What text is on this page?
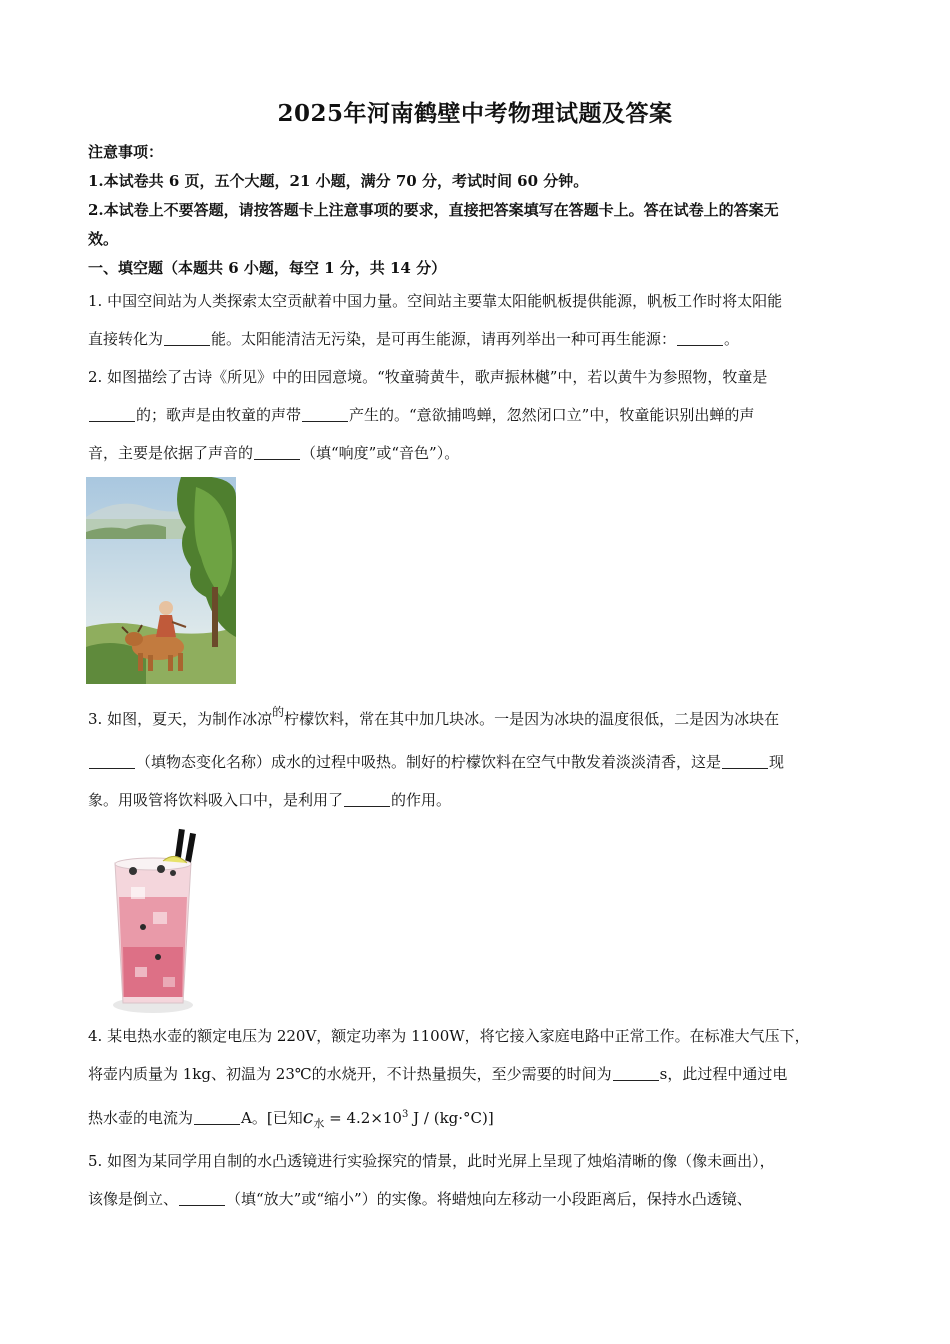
2025年河南鹤壁中考物理试题及答案
注意事项：
1.本试卷共 6 页，五个大题，21 小题，满分 70 分，考试时间 60 分钟。
2.本试卷上不要答题，请按答题卡上注意事项的要求，直接把答案填写在答题卡上。答在试卷上的答案无
效。
一、填空题（本题共 6 小题，每空 1 分，共 14 分）
1. 中国空间站为人类探索太空贡献着中国力量。空间站主要靠太阳能帆板提供能源，帆板工作时将太阳能
直接转化为	能。太阳能清洁无污染，是可再生能源，请再列举出一种可再生能源：	。
2. 如图描绘了古诗《所见》中的田园意境。“牧童骑黄牛，歌声振林樾”中，若以黄牛为参照物，牧童是
的；歌声是由牧童的声带	产生的。“意欲捕鸣蝉，忽然闭口立”中，牧童能识别出蝉的声
音，主要是依据了声音的	（填“响度”或“音色”）。
3. 如图，夏天，为制作冰凉$^的$柠檬饮料，常在其中加几块冰。一是因为冰块的温度很低，二是因为冰块在
（填物态变化名称）成水的过程中吸热。制好的柠檬饮料在空气中散发着淡淡清香，这是	现
象。用吸管将饮料吸入口中，是利用了	的作用。
4. 某电热水壶的额定电压为 220V，额定功率为 1100W，将它接入家庭电路中正常工作。在标准大气压下，
将壶内质量为 1kg、初温为 23℃的水烧开，不计热量损失，至少需要的时间为	s，此过程中通过电
热水壶的电流为	A。[已知$c_水 = 4.2\times 10^3$ J / (kg·°C)]
5. 如图为某同学用自制的水凸透镜进行实验探究的情景，此时光屏上呈现了烛焰清晰的像（像未画出），
该像是倒立、	（填“放大”或“缩小”）的实像。将蜡烛向左移动一小段距离后，保持水凸透镜、
